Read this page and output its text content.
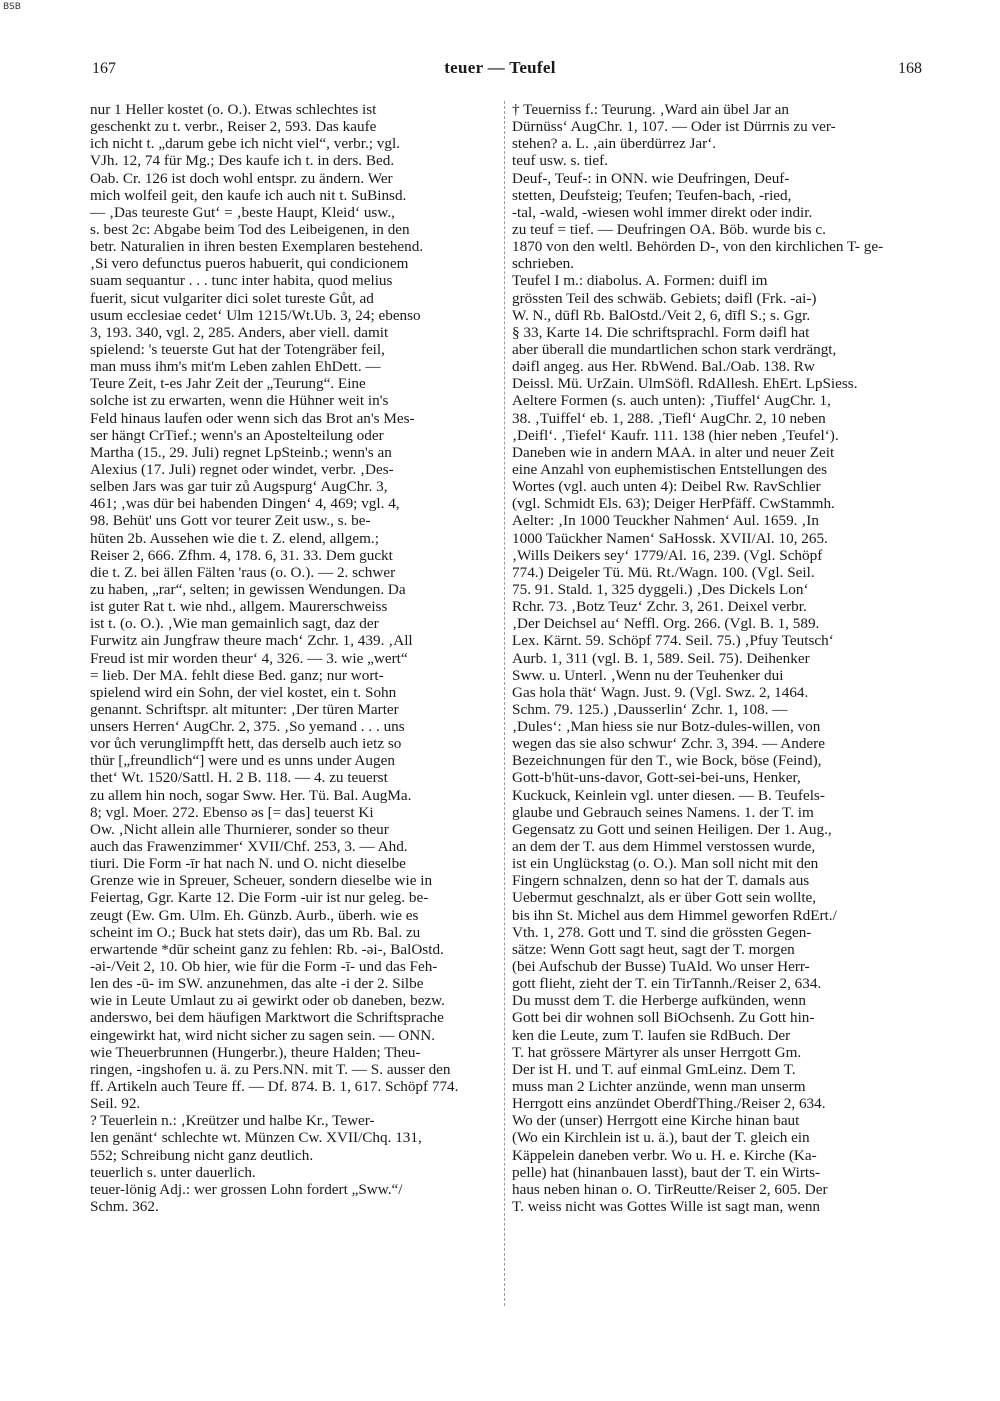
BSB
167	teuer — Teufel	168
nur 1 Heller kostet (o. O.). Etwas schlechtes ist
geschenkt zu t. verbr., Reiser 2, 593. Das kaufe
ich nicht t. „darum gebe ich nicht viel“, verbr.; vgl.
VJh. 12, 74 für Mg.; Des kaufe ich t. in ders. Bed.
Oab. Cr. 126 ist doch wohl entspr. zu ändern. Wer
mich wolfeil geit, den kaufe ich auch nit t. SuBinsd.
— ‚Das teureste Gut‘ = ‚beste Haupt, Kleid‘ usw.,
s. best 2c: Abgabe beim Tod des Leibeigenen, in den
betr. Naturalien in ihren besten Exemplaren bestehend.
‚Si vero defunctus pueros habuerit, qui condicionem
suam sequantur . . . tunc inter habita, quod melius
fuerit, sicut vulgariter dici solet tureste Gůt, ad
usum ecclesiae cedet‘ Ulm 1215/Wt.Ub. 3, 24; ebenso
3, 193. 340, vgl. 2, 285. Anders, aber viell. damit
spielend: 's teuerste Gut hat der Totengräber feil,
man muss ihm's mit'm Leben zahlen EhDett. —
Teure Zeit, t-es Jahr Zeit der „Teurung“. Eine
solche ist zu erwarten, wenn die Hühner weit in's
Feld hinaus laufen oder wenn sich das Brot an's Mes-
ser hängt CrTief.; wenn's an Apostelteilung oder
Martha (15., 29. Juli) regnet LpSteinb.; wenn's an
Alexius (17. Juli) regnet oder windet, verbr. ‚Des-
selben Jars was gar tuir zů Augspurg‘ AugChr. 3,
461; ‚was dür bei habenden Dingen‘ 4, 469; vgl. 4,
98. Behüt' uns Gott vor teurer Zeit usw., s. be-
hüten 2b. Aussehen wie die t. Z. elend, allgem.;
Reiser 2, 666. Zfhm. 4, 178. 6, 31. 33. Dem guckt
die t. Z. bei ällen Fälten 'raus (o. O.). — 2. schwer
zu haben, „rar“, selten; in gewissen Wendungen. Da
ist guter Rat t. wie nhd., allgem. Maurerschweiss
ist t. (o. O.). ‚Wie man gemainlich sagt, daz der
Furwitz ain Jungfraw theure mach‘ Zchr. 1, 439. ‚All
Freud ist mir worden theur‘ 4, 326. — 3. wie „wert“
= lieb. Der MA. fehlt diese Bed. ganz; nur wort-
spielend wird ein Sohn, der viel kostet, ein t. Sohn
genannt. Schriftspr. alt mitunter: ‚Der türen Marter
unsers Herren‘ AugChr. 2, 375. ‚So yemand . . . uns
vor ůch verunglimpfft hett, das derselb auch ietz so
thür [„freundlich“] were und es unns under Augen
thet‘ Wt. 1520/Sattl. H. 2 B. 118. — 4. zu teuerst
zu allem hin noch, sogar Sww. Her. Tü. Bal. AugMa.
8; vgl. Moer. 272. Ebenso əs [= das] teuerst Ki
Ow. ‚Nicht allein alle Thurnierer, sonder so theur
auch das Frawenzimmer‘ XVII/Chf. 253, 3. — Ahd.
tiuri. Die Form -īr hat nach N. und O. nicht dieselbe
Grenze wie in Spreuer, Scheuer, sondern dieselbe wie in
Feiertag, Ggr. Karte 12. Die Form -uir ist nur geleg. be-
zeugt (Ew. Gm. Ulm. Eh. Günzb. Aurb., überh. wie es
scheint im O.; Buck hat stets dəir), das um Rb. Bal. zu
erwartende *dūr scheint ganz zu fehlen: Rb. -əi-, BalOstd.
-əi-/Veit 2, 10. Ob hier, wie für die Form -ī- und das Feh-
len des -ū- im SW. anzunehmen, das alte -i der 2. Silbe
wie in Leute Umlaut zu əi gewirkt oder ob daneben, bezw.
anderswo, bei dem häufigen Marktwort die Schriftsprache
eingewirkt hat, wird nicht sicher zu sagen sein. — ONN.
wie Theuerbrunnen (Hungerbr.), theure Halden; Theu-
ringen, -ingshofen u. ä. zu Pers.NN. mit T. — S. ausser den
ff. Artikeln auch Teure ff. — Df. 874. B. 1, 617. Schöpf 774.
Seil. 92.
? Teuerlein n.: ‚Kreützer und halbe Kr., Tewer-
len genänt‘ schlechte wt. Münzen Cw. XVII/Chq. 131,
552; Schreibung nicht ganz deutlich.
teuerlich s. unter dauerlich.
teuer-lönig Adj.: wer grossen Lohn fordert „Sww.“/
Schm. 362.
† Teuerniss f.: Teurung. ‚Ward ain übel Jar an
Dürnüss‘ AugChr. 1, 107. — Oder ist Dürrnis zu ver-
stehen? a. L. ‚ain überdürrez Jar‘.
teuf usw. s. tief.
Deuf-, Teuf-: in ONN. wie Deufringen, Deuf-
stetten, Deufsteig; Teufen; Teufen-bach, -ried,
-tal, -wald, -wiesen wohl immer direkt oder indir.
zu teuf = tief. — Deufringen OA. Böb. wurde bis c.
1870 von den weltl. Behörden D-, von den kirchlichen T- ge-
schrieben.
Teufel I m.: diabolus. A. Formen: duifl im
grössten Teil des schwäb. Gebiets; dəifl (Frk. -ai-)
W. N., dūfl Rb. BalOstd./Veit 2, 6, dīfl S.; s. Ggr.
§ 33, Karte 14. Die schriftsprachl. Form dəifl hat
aber überall die mundartlichen schon stark verdrängt,
dəifl angeg. aus Her. RbWend. Bal./Oab. 138. Rw
Deissl. Mü. UrZain. UlmSöfl. RdAllesh. EhErt. LpSiess.
Aeltere Formen (s. auch unten): ‚Tiuffel‘ AugChr. 1,
38. ‚Tuiffel‘ eb. 1, 288. ‚Tiefl‘ AugChr. 2, 10 neben
‚Deifl‘. ‚Tiefel‘ Kaufr. 111. 138 (hier neben ‚Teufel‘).
Daneben wie in andern MAA. in alter und neuer Zeit
eine Anzahl von euphemistischen Entstellungen des
Wortes (vgl. auch unten 4): Deibel Rw. RavSchlier
(vgl. Schmidt Els. 63); Deiger HerPfäff. CwStammh.
Aelter: ‚In 1000 Teuckher Nahmen‘ Aul. 1659. ‚In
1000 Taückher Namen‘ SaHossk. XVII/Al. 10, 265.
‚Wills Deikers sey‘ 1779/Al. 16, 239. (Vgl. Schöpf
774.) Deigeler Tü. Mü. Rt./Wagn. 100. (Vgl. Seil.
75. 91. Stald. 1, 325 dyggeli.) ‚Des Dickels Lon‘
Rchr. 73. ‚Botz Teuz‘ Zchr. 3, 261. Deixel verbr.
‚Der Deichsel au‘ Neffl. Org. 266. (Vgl. B. 1, 589.
Lex. Kärnt. 59. Schöpf 774. Seil. 75.) ‚Pfuy Teutsch‘
Aurb. 1, 311 (vgl. B. 1, 589. Seil. 75). Deihenker
Sww. u. Unterl. ‚Wenn nu der Teuhenker dui
Gas hola thät‘ Wagn. Just. 9. (Vgl. Swz. 2, 1464.
Schm. 79. 125.) ‚Dausserlin‘ Zchr. 1, 108. —
‚Dules‘: ‚Man hiess sie nur Botz-dules-willen, von
wegen das sie also schwur‘ Zchr. 3, 394. — Andere
Bezeichnungen für den T., wie Bock, böse (Feind),
Gott-b'hüt-uns-davor, Gott-sei-bei-uns, Henker,
Kuckuck, Keinlein vgl. unter diesen. — B. Teufels-
glaube und Gebrauch seines Namens. 1. der T. im
Gegensatz zu Gott und seinen Heiligen. Der 1. Aug.,
an dem der T. aus dem Himmel verstossen wurde,
ist ein Unglückstag (o. O.). Man soll nicht mit den
Fingern schnalzen, denn so hat der T. damals aus
Uebermut geschnalzt, als er über Gott sein wollte,
bis ihn St. Michel aus dem Himmel geworfen RdErt./
Vth. 1, 278. Gott und T. sind die grössten Gegen-
sätze: Wenn Gott sagt heut, sagt der T. morgen
(bei Aufschub der Busse) TuAld. Wo unser Herr-
gott flieht, zieht der T. ein TirTannh./Reiser 2, 634.
Du musst dem T. die Herberge aufkünden, wenn
Gott bei dir wohnen soll BiOchsenh. Zu Gott hin-
ken die Leute, zum T. laufen sie RdBuch. Der
T. hat grössere Märtyrer als unser Herrgott Gm.
Der ist H. und T. auf einmal GmLeinz. Dem T.
muss man 2 Lichter anzünde, wenn man unserm
Herrgott eins anzündet OberdfThing./Reiser 2, 634.
Wo der (unser) Herrgott eine Kirche hinan baut
(Wo ein Kirchlein ist u. ä.), baut der T. gleich ein
Käppelein daneben verbr. Wo u. H. e. Kirche (Ka-
pelle) hat (hinanbauen lasst), baut der T. ein Wirts-
haus neben hinan o. O. TirReutte/Reiser 2, 605. Der
T. weiss nicht was Gottes Wille ist sagt man, wenn
